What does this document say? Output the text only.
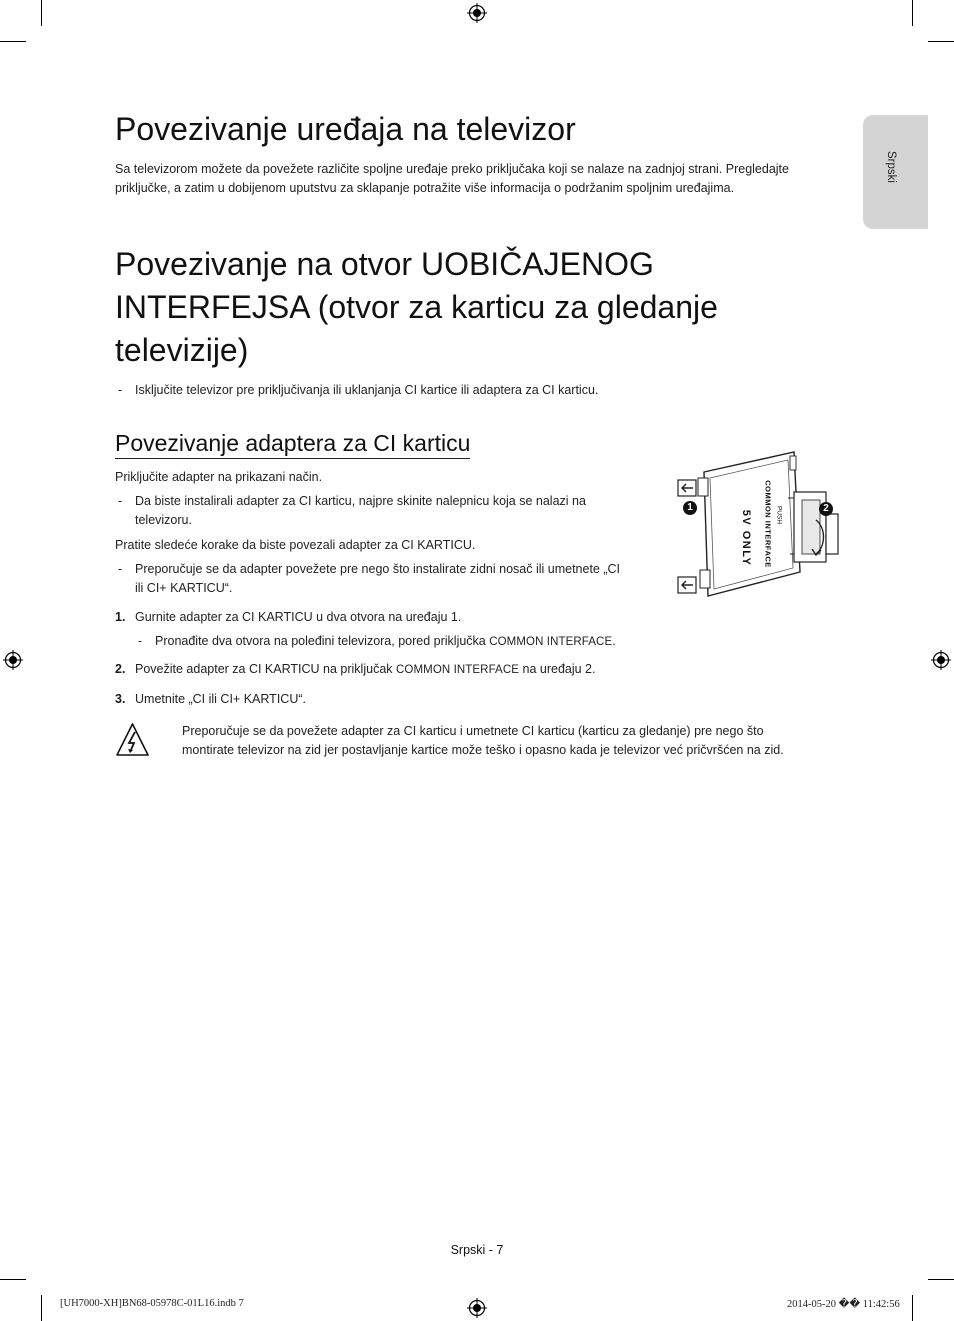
Srpski
Povezivanje uređaja na televizor

Sa televizorom možete da povežete različite spoljne uređaje preko priključaka koji se nalaze na zadnjoj strani. Pregledajte

priključke, a zatim u dobijenom uputstvu za sklapanje potražite više informacija o podržanim spoljnim uređajima.

Povezivanje na otvor UOBIČAJENOG
INTERFEJSA (otvor za karticu za gledanje
televizije)
- Isključite televizor pre priključivanja ili uklanjanja CI kartice ili adaptera za CI karticu.

Povezivanje adaptera za CI karticu

Priključite adapter na prikazani način.

- Da biste instalirali adapter za CI karticu, najpre skinite nalepnicu koja se nalazi na

televizoru.

Pratite sledeće korake da biste povezali adapter za CI KARTICU.

- Preporučuje se da adapter povežete pre nego što instalirate zidni nosač ili umetnete „CI

ili CI+ KARTICU“.

1. Gurnite adapter za CI KARTICU u dva otvora na uređaju 1.

- Pronađite dva otvora na poleđini televizora, pored priključka COMMON INTERFACE.

2. Povežite adapter za CI KARTICU na priključak COMMON INTERFACE na uređaju 2.

3. Umetnite „CI ili CI+ KARTICU“.

Preporučuje se da povežete adapter za CI karticu i umetnete CI karticu (karticu za gledanje) pre nego što

montirate televizor na zid jer postavljanje kartice može teško i opasno kada je televizor već pričvršćen na zid.

1	2
COMMON INTERFACE
5V ONLY	PUSH
Srpski - 7
[UH7000-XH]BN68-05978C-01L16.indb 7	2014-05-20 �� 11:42:56
